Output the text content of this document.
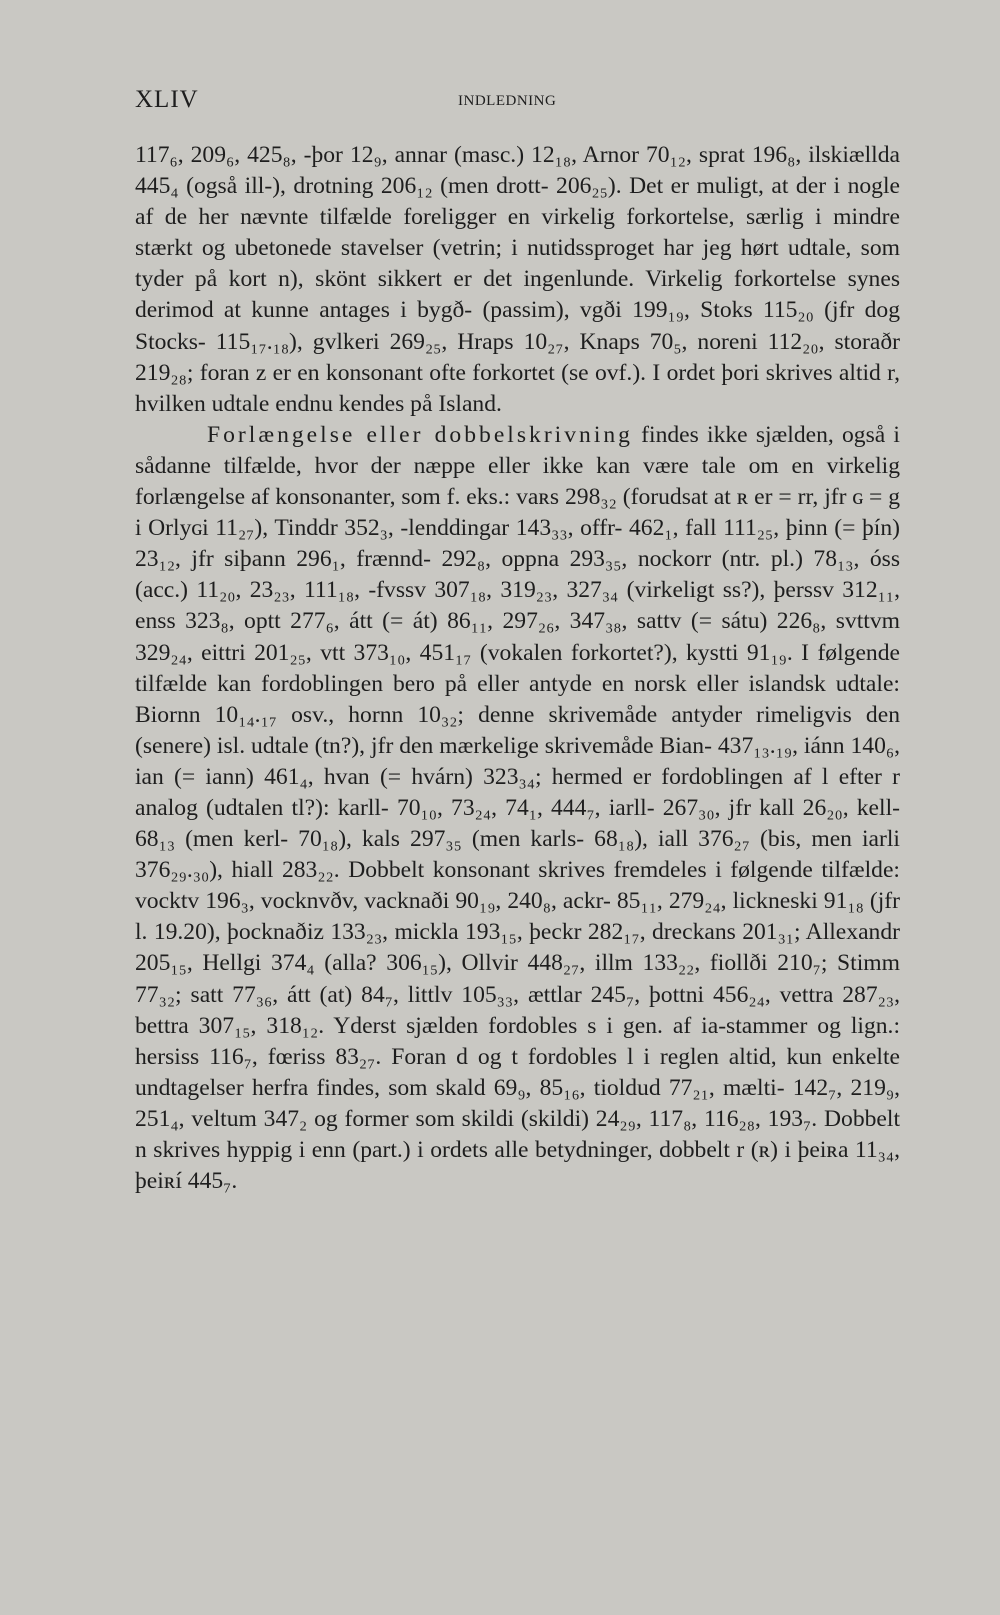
XLIV	INDLEDNING

117₆, 209₆, 425₈, -þor 12₉, annar (masc.) 12₁₈, Arnor 70₁₂, sprat 196₈, ilskiællda 445₄ (også ill-), drotning 206₁₂ (men drott- 206₂₅). Det er muligt, at der i nogle af de her nævnte tilfælde foreligger en virkelig forkortelse, særlig i mindre stærkt og ubetonede stavelser (vetrin; i nutidssproget har jeg hørt udtale, som tyder på kort n), skönt sikkert er det ingenlunde. Virkelig forkortelse synes derimod at kunne antages i bygð- (passim), vgði 199₁₉, Stoks 115₂₀ (jfr dog Stocks- 115₁₇.₁₈), gvlkeri 269₂₅, Hraps 10₂₇, Knaps 70₅, noreni 112₂₀, storaðr 219₂₈; foran z er en konsonant ofte forkortet (se ovf.). I ordet þori skrives altid r, hvilken udtale endnu kendes på Island.

Forlængelse eller dobbelskrivning findes ikke sjælden, også i sådanne tilfælde, hvor der næppe eller ikke kan være tale om en virkelig forlængelse af konsonanter, som f. eks.: vaʀs 298₃₂ (forudsat at ʀ er = rr, jfr ɢ = g i Orlyɢi 11₂₇), Tinddr 352₃, -lenddingar 143₃₃, offr- 462₁, fall 111₂₅, þinn (= þín) 23₁₂, jfr siþann 296₁, frænnd- 292₈, oppna 293₃₅, nockorr (ntr. pl.) 78₁₃, óss (acc.) 11₂₀, 23₂₃, 111₁₈, -fvssv 307₁₈, 319₂₃, 327₃₄ (virkeligt ss?), þerssv 312₁₁, enss 323₈, optt 277₆, átt (= át) 86₁₁, 297₂₆, 347₃₈, sattv (= sátu) 226₈, svttvm 329₂₄, eittri 201₂₅, vtt 373₁₀, 451₁₇ (vokalen forkortet?), kystti 91₁₉. I følgende tilfælde kan fordoblingen bero på eller antyde en norsk eller islandsk udtale: Biornn 10₁₄.₁₇ osv., hornn 10₃₂; denne skrivemåde antyder rimeligvis den (senere) isl. udtale (tn?), jfr den mærkelige skrivemåde Bian- 437₁₃.₁₉, iánn 140₆, ian (= iann) 461₄, hvan (= hvárn) 323₃₄; hermed er fordoblingen af l efter r analog (udtalen tl?): karll- 70₁₀, 73₂₄, 74₁, 444₇, iarll- 267₃₀, jfr kall 26₂₀, kell- 68₁₃ (men kerl- 70₁₈), kals 297₃₅ (men karls- 68₁₈), iall 376₂₇ (bis, men iarli 376₂₉.₃₀), hiall 283₂₂. Dobbelt konsonant skrives fremdeles i følgende tilfælde: vocktv 196₃, vocknvðv, vacknaði 90₁₉, 240₈, ackr- 85₁₁, 279₂₄, lickneski 91₁₈ (jfr l. 19.20), þocknaðiz 133₂₃, mickla 193₁₅, þeckr 282₁₇, dreckans 201₃₁; Allexandr 205₁₅, Hellgi 374₄ (alla? 306₁₅), Ollvir 448₂₇, illm 133₂₂, fiollði 210₇; Stimm 77₃₂; satt 77₃₆, átt (at) 84₇, littlv 105₃₃, ættlar 245₇, þottni 456₂₄, vettra 287₂₃, bettra 307₁₅, 318₁₂. Yderst sjælden fordobles s i gen. af ia-stammer og lign.: hersiss 116₇, fœriss 83₂₇. Foran d og t fordobles l i reglen altid, kun enkelte undtagelser herfra findes, som skald 69₉, 85₁₆, tioldud 77₂₁, mælti- 142₇, 219₉, 251₄, veltum 347₂ og former som skildi (skildi) 24₂₉, 117₈, 116₂₈, 193₇. Dobbelt n skrives hyppig i enn (part.) i ordets alle betydninger, dobbelt r (ʀ) i þeiʀa 11₃₄, þeiʀí 445₇.
